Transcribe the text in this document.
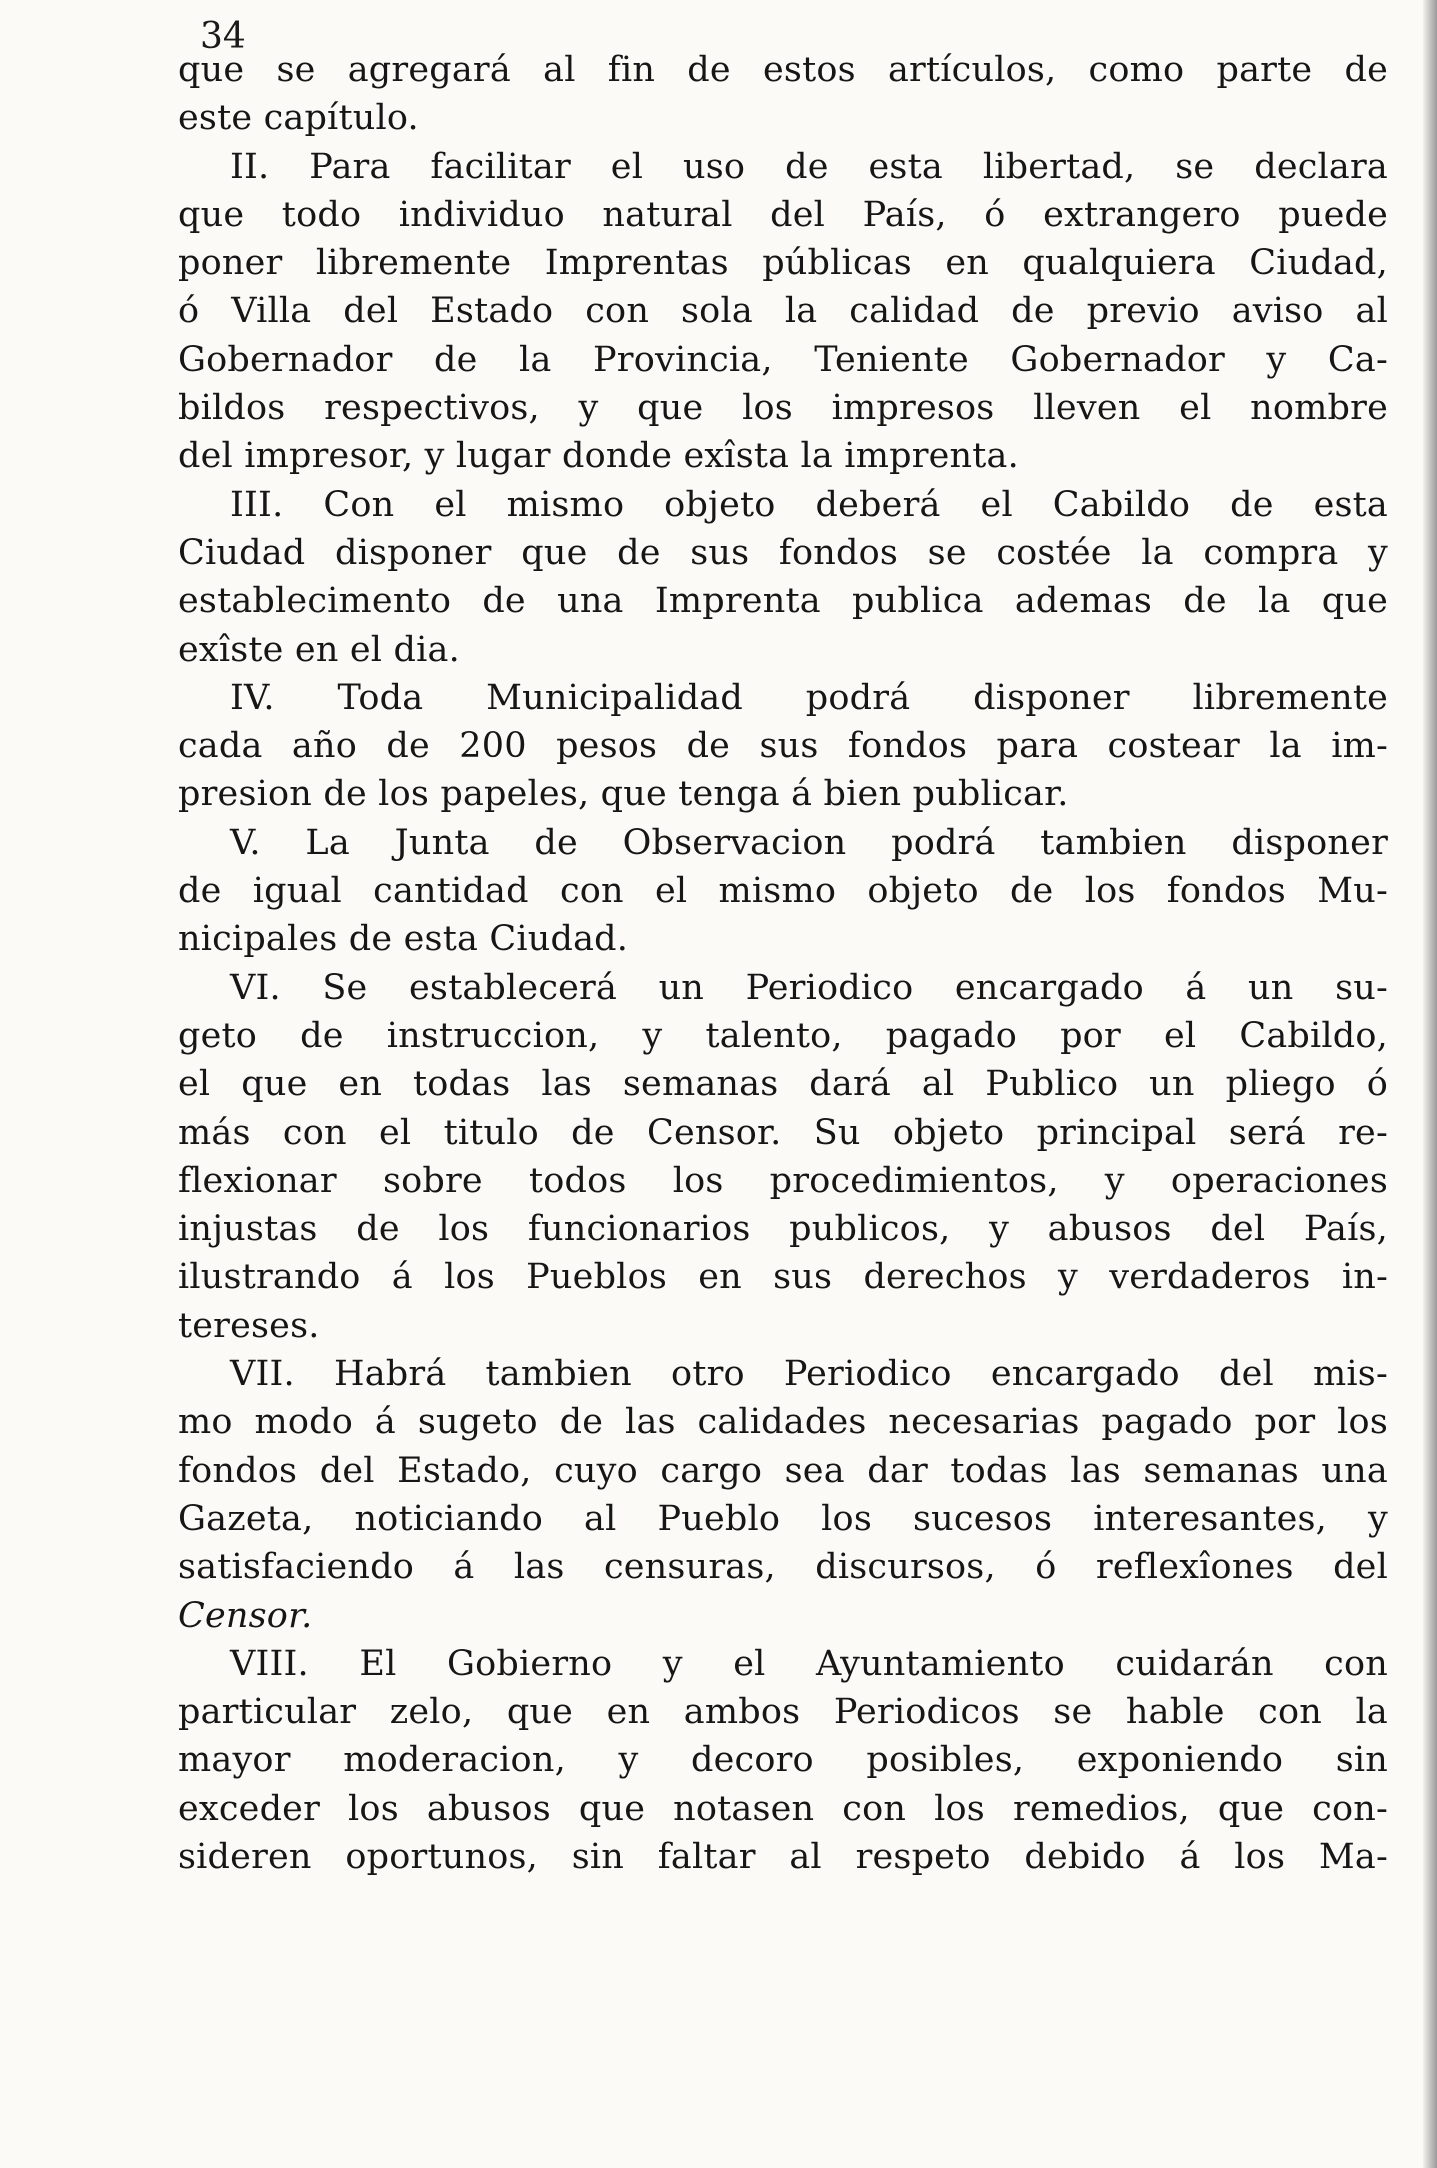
34
que se agregará al fin de estos artículos, como parte de
este capítulo.
II. Para facilitar el uso de esta libertad, se declara
que todo individuo natural del País, ó extrangero puede
poner libremente Imprentas públicas en qualquiera Ciudad,
ó Villa del Estado con sola la calidad de previo aviso al
Gobernador de la Provincia, Teniente Gobernador y Ca-
bildos respectivos, y que los impresos lleven el nombre
del impresor, y lugar donde exîsta la imprenta.
III. Con el mismo objeto deberá el Cabildo de esta
Ciudad disponer que de sus fondos se costée la compra y
establecimento de una Imprenta publica ademas de la que
exîste en el dia.
IV. Toda Municipalidad podrá disponer libremente
cada año de 200 pesos de sus fondos para costear la im-
presion de los papeles, que tenga á bien publicar.
V. La Junta de Observacion podrá tambien disponer
de igual cantidad con el mismo objeto de los fondos Mu-
nicipales de esta Ciudad.
VI. Se establecerá un Periodico encargado á un su-
geto de instruccion, y talento, pagado por el Cabildo,
el que en todas las semanas dará al Publico un pliego ó
más con el titulo de Censor. Su objeto principal será re-
flexionar sobre todos los procedimientos, y operaciones
injustas de los funcionarios publicos, y abusos del País,
ilustrando á los Pueblos en sus derechos y verdaderos in-
tereses.
VII. Habrá tambien otro Periodico encargado del mis-
mo modo á sugeto de las calidades necesarias pagado por los
fondos del Estado, cuyo cargo sea dar todas las semanas una
Gazeta, noticiando al Pueblo los sucesos interesantes, y
satisfaciendo á las censuras, discursos, ó reflexîones del
Censor.
VIII. El Gobierno y el Ayuntamiento cuidarán con
particular zelo, que en ambos Periodicos se hable con la
mayor moderacion, y decoro posibles, exponiendo sin
exceder los abusos que notasen con los remedios, que con-
sideren oportunos, sin faltar al respeto debido á los Ma-
